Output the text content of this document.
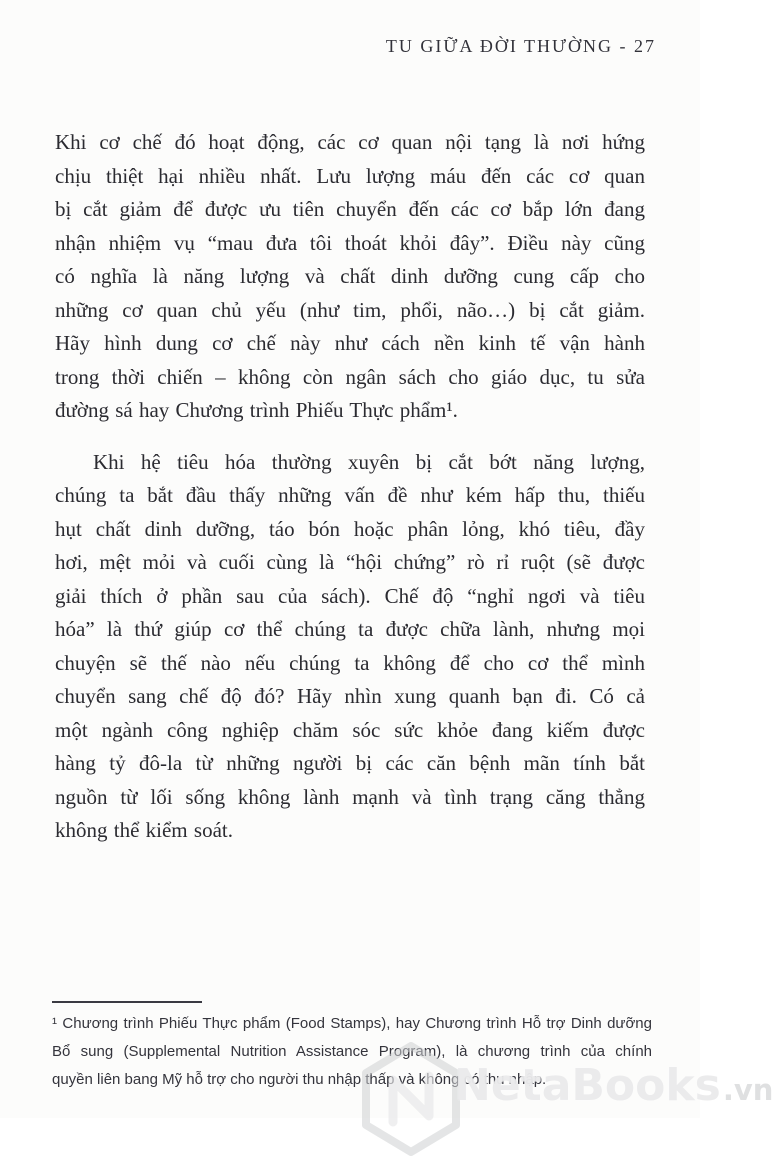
TU GIỮA ĐỜI THƯỜNG - 27
Khi cơ chế đó hoạt động, các cơ quan nội tạng là nơi hứng
chịu thiệt hại nhiều nhất. Lưu lượng máu đến các cơ quan
bị cắt giảm để được ưu tiên chuyển đến các cơ bắp lớn đang
nhận nhiệm vụ “mau đưa tôi thoát khỏi đây”. Điều này cũng
có nghĩa là năng lượng và chất dinh dưỡng cung cấp cho
những cơ quan chủ yếu (như tim, phổi, não…) bị cắt giảm.
Hãy hình dung cơ chế này như cách nền kinh tế vận hành
trong thời chiến – không còn ngân sách cho giáo dục, tu sửa
đường sá hay Chương trình Phiếu Thực phẩm¹.
Khi hệ tiêu hóa thường xuyên bị cắt bớt năng lượng,
chúng ta bắt đầu thấy những vấn đề như kém hấp thu, thiếu
hụt chất dinh dưỡng, táo bón hoặc phân lỏng, khó tiêu, đầy
hơi, mệt mỏi và cuối cùng là “hội chứng” rò rỉ ruột (sẽ được
giải thích ở phần sau của sách). Chế độ “nghỉ ngơi và tiêu
hóa” là thứ giúp cơ thể chúng ta được chữa lành, nhưng mọi
chuyện sẽ thế nào nếu chúng ta không để cho cơ thể mình
chuyển sang chế độ đó? Hãy nhìn xung quanh bạn đi. Có cả
một ngành công nghiệp chăm sóc sức khỏe đang kiếm được
hàng tỷ đô-la từ những người bị các căn bệnh mãn tính bắt
nguồn từ lối sống không lành mạnh và tình trạng căng thẳng
không thể kiểm soát.
¹ Chương trình Phiếu Thực phẩm (Food Stamps), hay Chương trình Hỗ trợ Dinh dưỡng
Bổ sung (Supplemental Nutrition Assistance Program), là chương trình của chính
quyền liên bang Mỹ hỗ trợ cho người thu nhập thấp và không có thu nhập.
NetaBooks .vn
